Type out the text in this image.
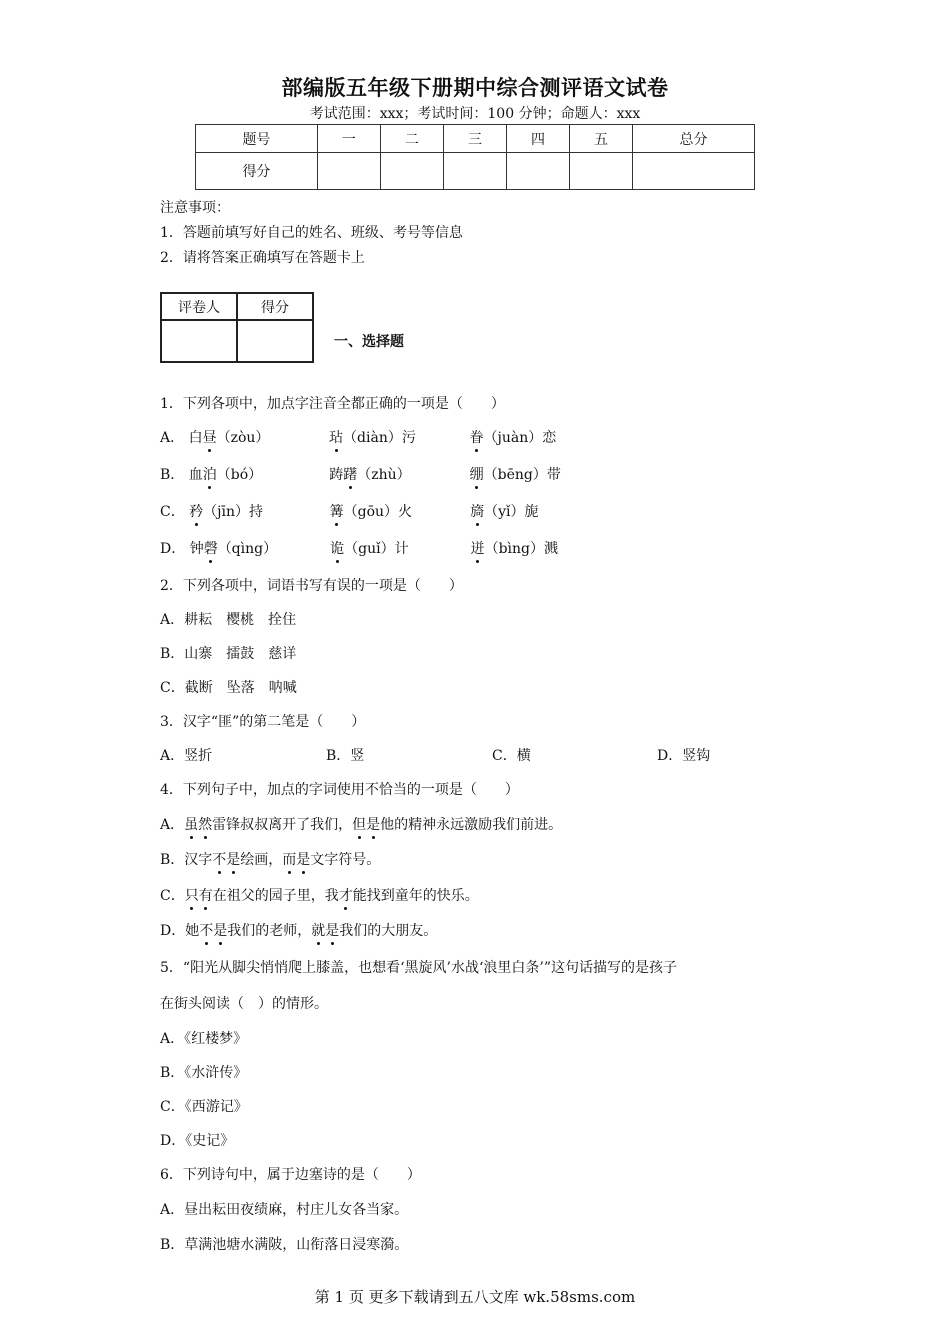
部编版五年级下册期中综合测评语文试卷
考试范围：xxx；考试时间：100 分钟；命题人：xxx
题号	一	二	三	四	五	总分
得分						
注意事项：
1．答题前填写好自己的姓名、班级、考号等信息
2．请将答案正确填写在答题卡上
评卷人	得分

一、选择题
1．下列各项中，加点字注音全都正确的一项是（　　）
A． 白昼（zòu）	玷（diàn）污	眷（juàn）恋
B． 血泊（bó）	踌躇（zhù）	绷（bēng）带
C． 矜（jīn）持	篝（gōu）火	旖（yǐ）旎
D． 钟磬（qìng）	诡（guǐ）计	迸（bìng）溅
2．下列各项中，词语书写有误的一项是（　　）
A．耕耘　樱桃　拴住
B．山寨　擂鼓　慈详
C．截断　坠落　呐喊
3．汉字“匪”的第二笔是（　　）
A．竖折	B．竖	C．横	D．竖钩
4．下列句子中，加点的字词使用不恰当的一项是（　　）
A．虽然雷锋叔叔离开了我们，但是他的精神永远激励我们前进。
B．汉字不是绘画，而是文字符号。
C．只有在祖父的园子里，我才能找到童年的快乐。
D．她不是我们的老师，就是我们的大朋友。
5．“阳光从脚尖悄悄爬上膝盖，也想看‘黑旋风’水战‘浪里白条’”这句话描写的是孩子
在街头阅读（　）的情形。
A．《红楼梦》
B．《水浒传》
C．《西游记》
D．《史记》
6．下列诗句中，属于边塞诗的是（　　）
A．昼出耘田夜绩麻，村庄儿女各当家。
B．草满池塘水满陂，山衔落日浸寒漪。
第 1 页 更多下载请到五八文库 wk.58sms.com
